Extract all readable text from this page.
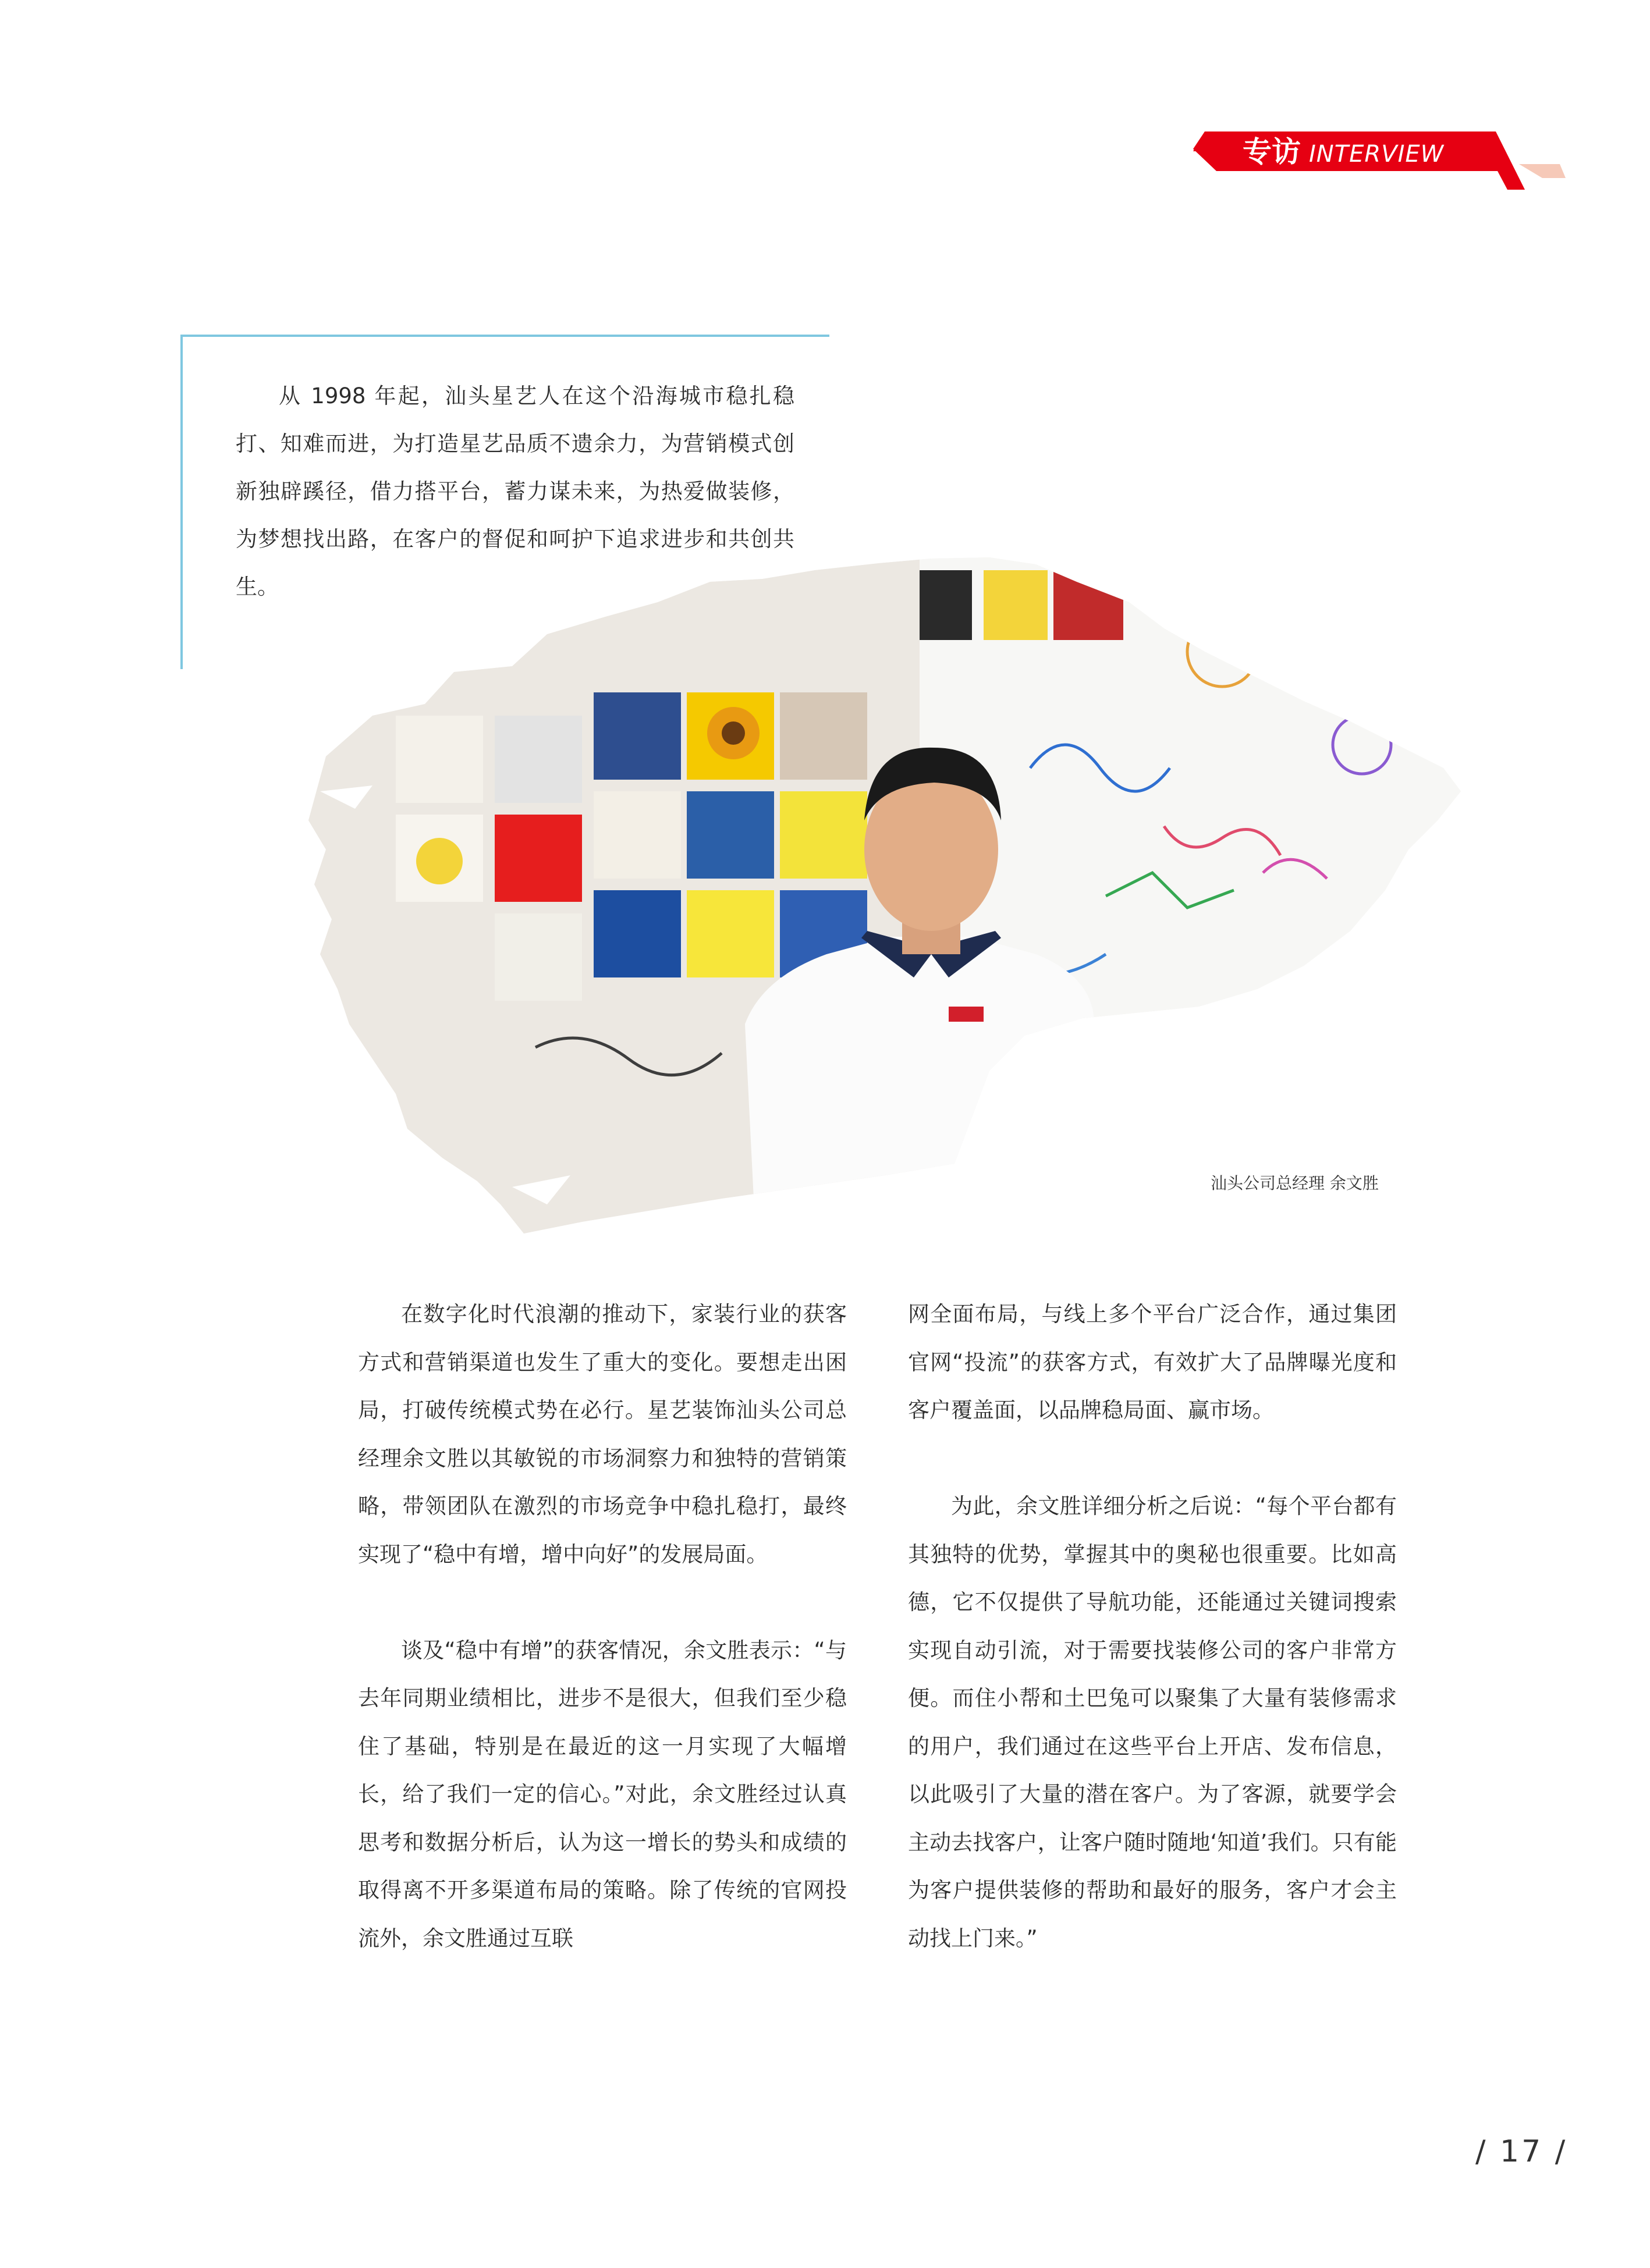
专访 INTERVIEW

从 1998 年起，汕头星艺人在这个沿海城市稳扎稳打、知难而进，为打造星艺品质不遗余力，为营销模式创新独辟蹊径，借力搭平台，蓄力谋未来，为热爱做装修，为梦想找出路，在客户的督促和呵护下追求进步和共创共生。

汕头公司总经理 余文胜

在数字化时代浪潮的推动下，家装行业的获客方式和营销渠道也发生了重大的变化。要想走出困局，打破传统模式势在必行。星艺装饰汕头公司总经理余文胜以其敏锐的市场洞察力和独特的营销策略，带领团队在激烈的市场竞争中稳扎稳打，最终实现了“稳中有增，增中向好”的发展局面。

谈及“稳中有增”的获客情况，余文胜表示：“与去年同期业绩相比，进步不是很大，但我们至少稳住了基础，特别是在最近的这一月实现了大幅增长，给了我们一定的信心。”对此，余文胜经过认真思考和数据分析后，认为这一增长的势头和成绩的取得离不开多渠道布局的策略。除了传统的官网投流外，余文胜通过互联

网全面布局，与线上多个平台广泛合作，通过集团官网“投流”的获客方式，有效扩大了品牌曝光度和客户覆盖面，以品牌稳局面、赢市场。

为此，余文胜详细分析之后说：“每个平台都有其独特的优势，掌握其中的奥秘也很重要。比如高德，它不仅提供了导航功能，还能通过关键词搜索实现自动引流，对于需要找装修公司的客户非常方便。而住小帮和土巴兔可以聚集了大量有装修需求的用户，我们通过在这些平台上开店、发布信息，以此吸引了大量的潜在客户。为了客源，就要学会主动去找客户，让客户随时随地‘知道’我们。只有能为客户提供装修的帮助和最好的服务，客户才会主动找上门来。”

/ 17 /
